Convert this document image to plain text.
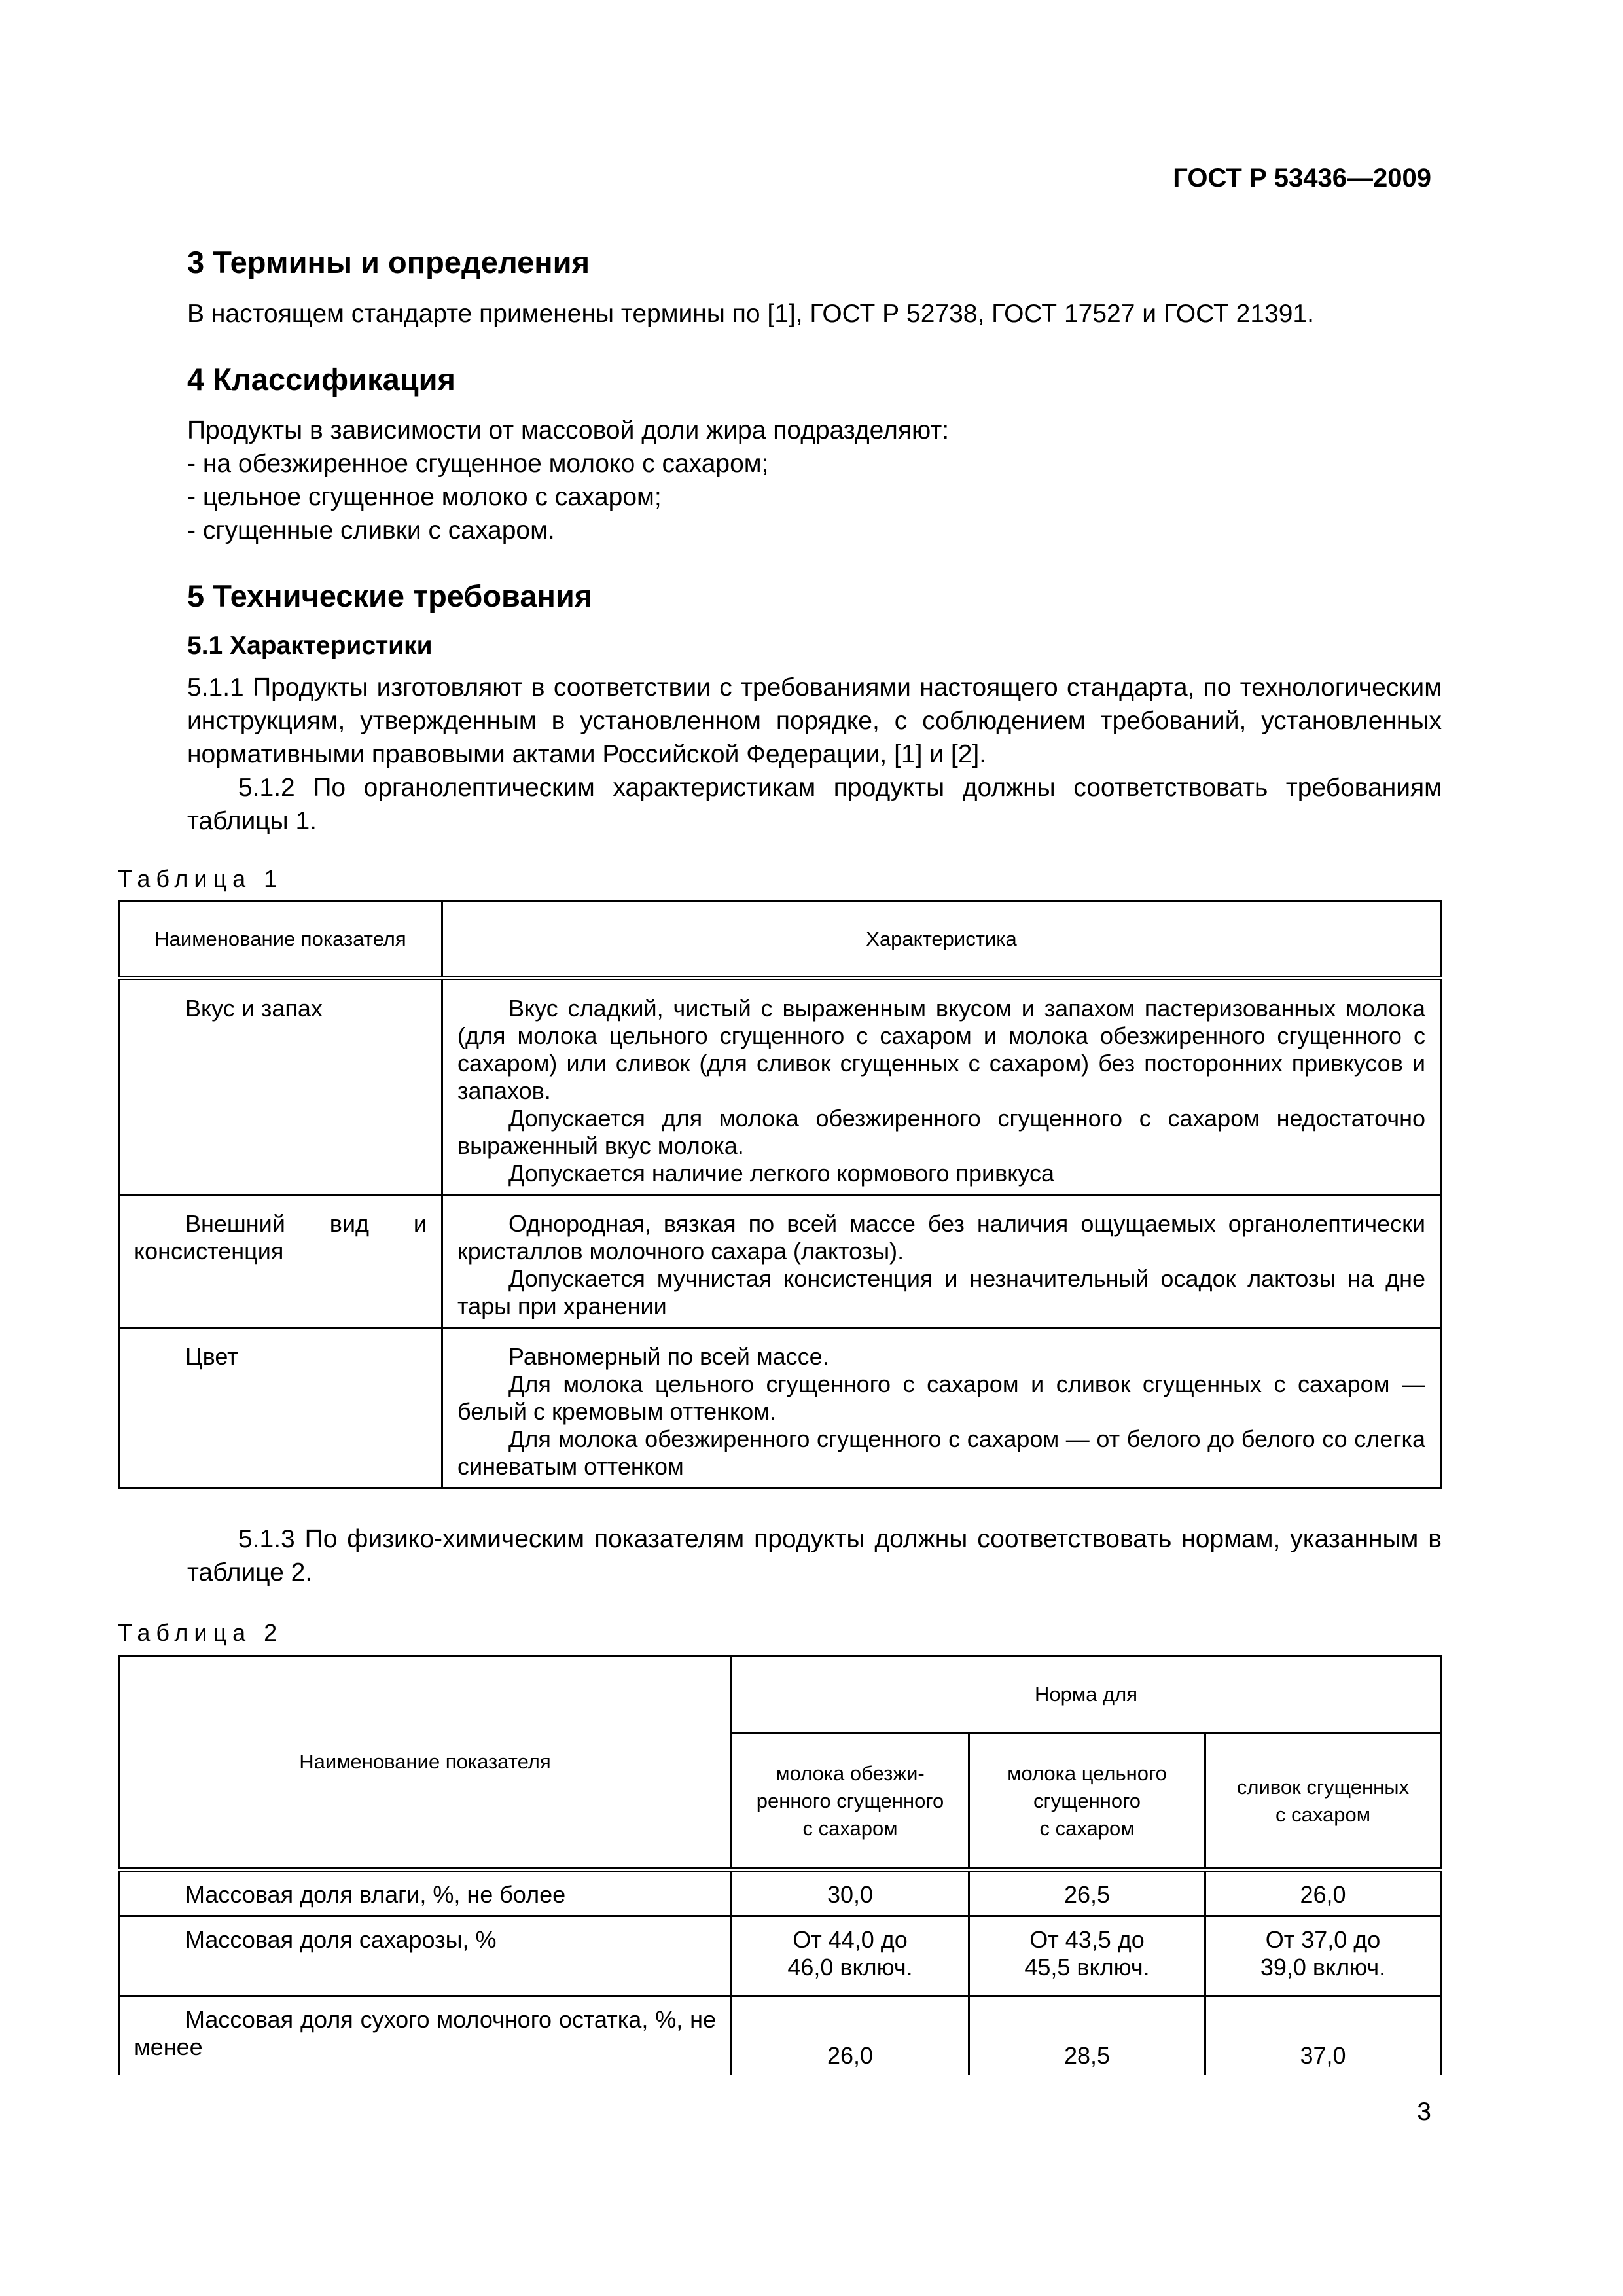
ГОСТ Р 53436—2009
3 Термины и определения
В настоящем стандарте применены термины по [1], ГОСТ Р 52738, ГОСТ 17527 и ГОСТ 21391.
4 Классификация
Продукты в зависимости от массовой доли жира подразделяют:
- на обезжиренное сгущенное молоко с сахаром;
- цельное сгущенное молоко с сахаром;
- сгущенные сливки с сахаром.
5 Технические требования
5.1 Характеристики

5.1.1 Продукты изготовляют в соответствии с требованиями настоящего стандарта, по технологическим инструкциям, утвержденным в установленном порядке, с соблюдением требований, установленных нормативными правовыми актами Российской Федерации, [1] и [2].

5.1.2 По органолептическим характеристикам продукты должны соответствовать требованиям таблицы 1.

Таблица 1
Наименование показателя	Характеристика
Вкус и запах	Вкус сладкий, чистый с выраженным вкусом и запахом пастеризованных молока (для молока цельного сгущенного с сахаром и молока обезжиренного сгущенного с сахаром) или сливок (для сливок сгущенных с сахаром) без посторонних привкусов и запахов.

Допускается для молока обезжиренного сгущенного с сахаром недостаточно выраженный вкус молока.

Допускается наличие легкого кормового привкуса

Внешний вид и консистенция	Однородная, вязкая по всей массе без наличия ощущаемых органолептически кристаллов молочного сахара (лактозы).

Допускается мучнистая консистенция и незначительный осадок лактозы на дне тары при хранении

Цвет	Равномерный по всей массе.

Для молока цельного сгущенного с сахаром и сливок сгущенных с сахаром — белый с кремовым оттенком.

Для молока обезжиренного сгущенного с сахаром — от белого до белого со слегка синеватым оттенком

5.1.3 По физико-химическим показателям продукты должны соответствовать нормам, указанным в таблице 2.

Таблица 2
Наименование показателя	Норма для		
	молока обезжи-
ренного сгущенного
с сахаром	молока цельного
сгущенного
с сахаром	сливок сгущенных
с сахаром
Массовая доля влаги, %, не более	30,0	26,5	26,0
Массовая доля сахарозы, %	От 44,0 до
46,0 включ.	От 43,5 до
45,5 включ.	От 37,0 до
39,0 включ.
Массовая доля сухого молочного остатка, %, не менее	26,0	28,5	37,0
3
